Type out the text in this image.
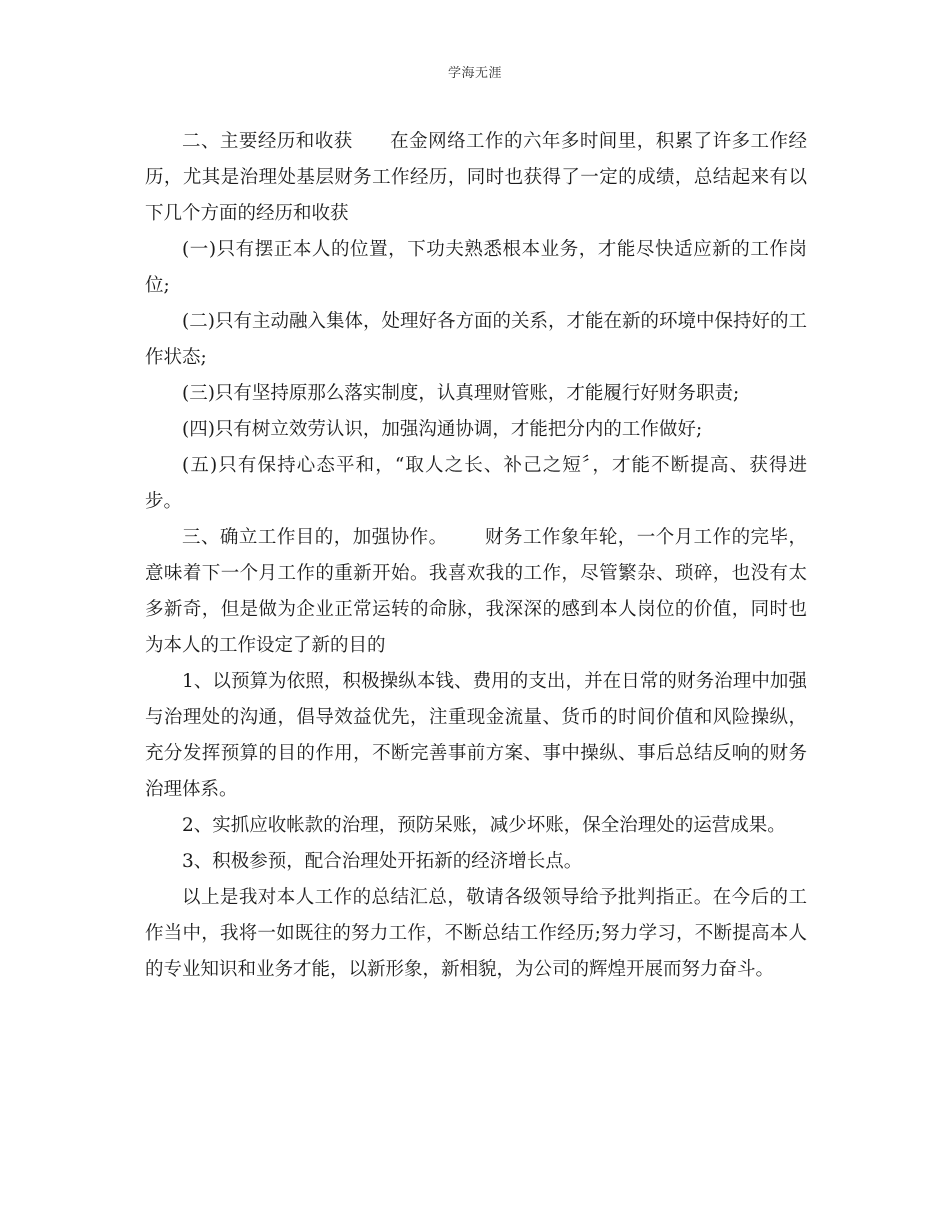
学海无涯

二、主要经历和收获 在金网络工作的六年多时间里，积累了许多工作经历，尤其是治理处基层财务工作经历，同时也获得了一定的成绩，总结起来有以下几个方面的经历和收获

(一)只有摆正本人的位置，下功夫熟悉根本业务，才能尽快适应新的工作岗位;

(二)只有主动融入集体，处理好各方面的关系，才能在新的环境中保持好的工作状态;

(三)只有坚持原那么落实制度，认真理财管账，才能履行好财务职责;

(四)只有树立效劳认识，加强沟通协调，才能把分内的工作做好;

(五)只有保持心态平和，“取人之长、补己之短〞，才能不断提高、获得进步。

三、确立工作目的，加强协作。 财务工作象年轮，一个月工作的完毕，意味着下一个月工作的重新开始。我喜欢我的工作，尽管繁杂、琐碎，也没有太多新奇，但是做为企业正常运转的命脉，我深深的感到本人岗位的价值，同时也为本人的工作设定了新的目的

1、以预算为依照，积极操纵本钱、费用的支出，并在日常的财务治理中加强与治理处的沟通，倡导效益优先，注重现金流量、货币的时间价值和风险操纵，充分发挥预算的目的作用，不断完善事前方案、事中操纵、事后总结反响的财务治理体系。

2、实抓应收帐款的治理，预防呆账，减少坏账，保全治理处的运营成果。

3、积极参预，配合治理处开拓新的经济增长点。

以上是我对本人工作的总结汇总，敬请各级领导给予批判指正。在今后的工作当中，我将一如既往的努力工作，不断总结工作经历;努力学习，不断提高本人的专业知识和业务才能，以新形象，新相貌，为公司的辉煌开展而努力奋斗。
